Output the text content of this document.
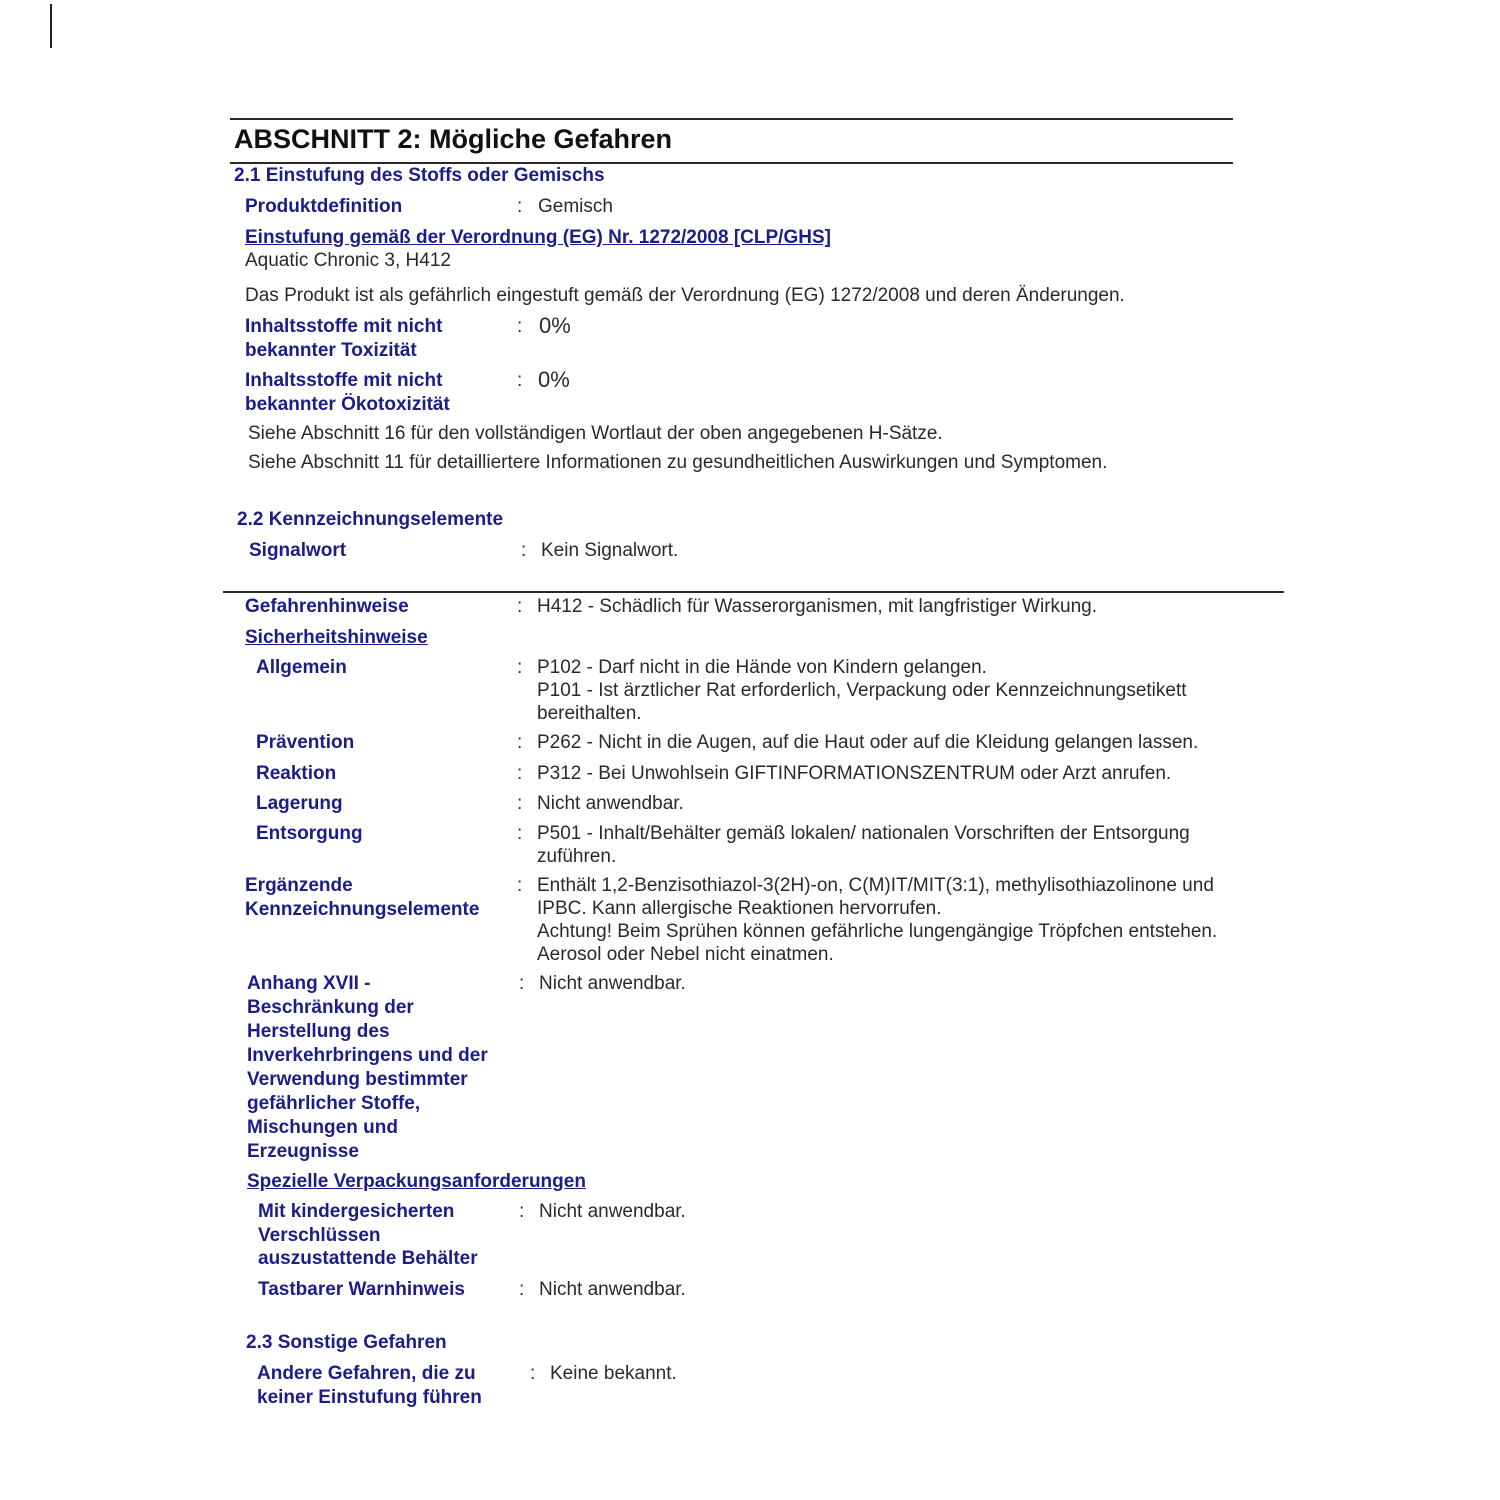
ABSCHNITT 2: Mögliche Gefahren
2.1 Einstufung des Stoffs oder Gemischs
Produktdefinition	: Gemisch
Einstufung gemäß der Verordnung (EG) Nr. 1272/2008 [CLP/GHS]
Aquatic Chronic 3, H412
Das Produkt ist als gefährlich eingestuft gemäß der Verordnung (EG) 1272/2008 und deren Änderungen.
Inhaltsstoffe mit nicht bekannter Toxizität
: 0%
Inhaltsstoffe mit nicht bekannter Ökotoxizität
: 0%
Siehe Abschnitt 16 für den vollständigen Wortlaut der oben angegebenen H-Sätze.
Siehe Abschnitt 11 für detailliertere Informationen zu gesundheitlichen Auswirkungen und Symptomen.
2.2 Kennzeichnungselemente
Signalwort	: Kein Signalwort.
Gefahrenhinweise	: H412 - Schädlich für Wasserorganismen, mit langfristiger Wirkung.
Sicherheitshinweise
Allgemein	: P102 - Darf nicht in die Hände von Kindern gelangen.
P101 - Ist ärztlicher Rat erforderlich, Verpackung oder Kennzeichnungsetikett bereithalten.
Prävention	: P262 - Nicht in die Augen, auf die Haut oder auf die Kleidung gelangen lassen.
Reaktion	: P312 - Bei Unwohlsein GIFTINFORMATIONSZENTRUM oder Arzt anrufen.
Lagerung	: Nicht anwendbar.
Entsorgung	: P501 - Inhalt/Behälter gemäß lokalen/ nationalen Vorschriften der Entsorgung zuführen.
Ergänzende Kennzeichnungselemente
: Enthält 1,2-Benzisothiazol-3(2H)-on, C(M)IT/MIT(3:1), methylisothiazolinone und IPBC. Kann allergische Reaktionen hervorrufen.
Achtung! Beim Sprühen können gefährliche lungengängige Tröpfchen entstehen. Aerosol oder Nebel nicht einatmen.
Anhang XVII - Beschränkung der Herstellung des Inverkehrbringens und der Verwendung bestimmter gefährlicher Stoffe, Mischungen und Erzeugnisse
: Nicht anwendbar.
Spezielle Verpackungsanforderungen
Mit kindergesicherten Verschlüssen auszustattende Behälter
: Nicht anwendbar.
Tastbarer Warnhinweis	: Nicht anwendbar.
2.3 Sonstige Gefahren
Andere Gefahren, die zu keiner Einstufung führen
: Keine bekannt.
